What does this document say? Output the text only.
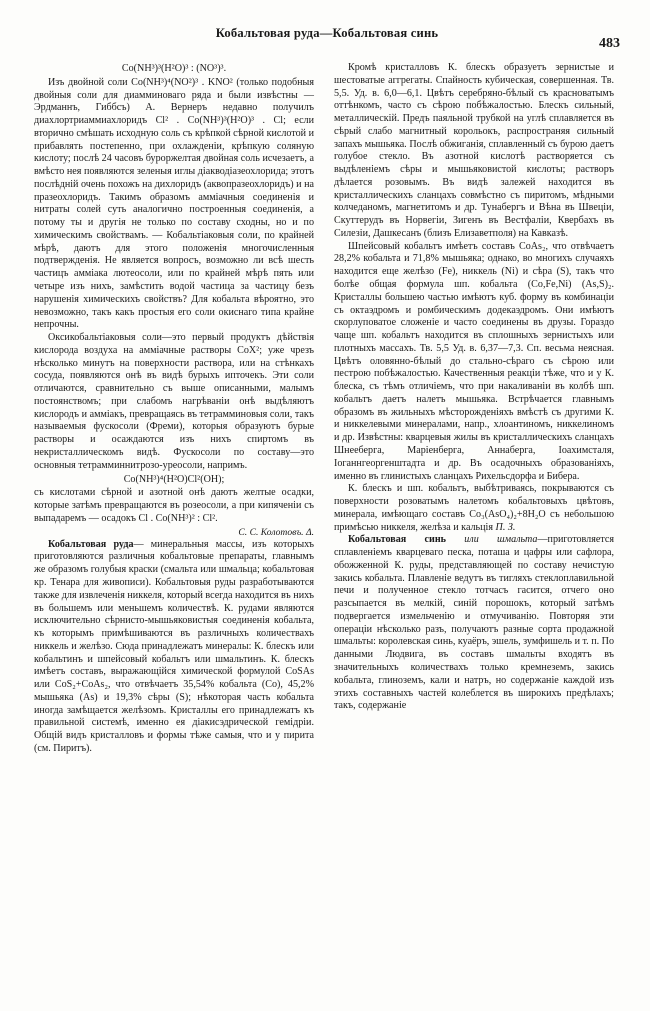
Кобальтовая руда—Кобальтовая синь
483

Co(NH³)³(H²O)³ : (NO³)³.

Изъ двойной соли Co(NH³)⁴(NO²)³ . KNO² (только подобныя двойныя соли для диамминоваго ряда и были извѣстны — Эрдманнъ, Гиббсъ) А. Вернеръ недавно получилъ диахлортриаммиахлоридъ Cl² . Co(NH³)³(H²O)³ . Cl; если вторично смѣшать исходную соль съ крѣпкой сѣрной кислотой и прибавлять постепенно, при охлажденіи, крѣпкую соляную кислоту; послѣ 24 часовъ буроржелтая двойная соль исчезаетъ, а вмѣсто нея появляются зеленыя иглы діакводіазеохлорида; этотъ послѣдній очень похожъ на дихлоридъ (аквопразеохлоридъ) и на празеохлоридъ. Такимъ образомъ амміачныя соединенія и нитраты солей суть аналогично построенныя соединенія, а потому ты и другія не только по составу сходны, но и по химическимъ свойствамъ. — Кобальтіаковыя соли, по крайней мѣрѣ, даютъ для этого положенія многочисленныя подтвержденія. Не является вопросъ, возможно ли всѣ шесть частицъ амміака лютеосоли, или по крайней мѣрѣ пять или четыре изъ нихъ, замѣстить водой частица за частицу безъ нарушенія химическихъ свойствъ? Для кобальта вѣроятно, это невозможно, такъ какъ простыя его соли окиснаго типа крайне непрочны.

Оксикобальтіаковыя соли—это первый продуктъ дѣйствія кислорода воздуха на амміачные растворы CoX²; уже чрезъ нѣсколько минутъ на поверхности раствора, или на стѣнкахъ сосуда, появляются онѣ въ видѣ бурыхъ ипточекъ. Эти соли отличаются, сравнительно съ выше описанными, малымъ постоянствомъ; при слабомъ нагрѣваніи онѣ выдѣляютъ кислородъ и амміакъ, превращаясь въ тетрамминовыя соли, такъ называемыя фускосоли (Фреми), которыя образуютъ бурые растворы и осаждаются изъ нихъ спиртомъ въ некристаллическомъ видѣ. Фускосоли по составу—это основныя тетрамминнитрозо-уреосоли, напримъ.

Co(NH³)⁴(H²O)Cl²(OH);

съ кислотами сѣрной и азотной онѣ даютъ желтые осадки, которые затѣмъ превращаются въ розеосоли, а при кипяченіи съ выпадаремъ — осадокъ Cl . Co(NH³)² : Cl².

С. С. Колотовъ. Δ.

Кобальтовая руда— минеральныя массы, изъ которыхъ приготовляются различныя кобальтовые препараты, главнымъ же образомъ голубыя краски (смальта или шмальца; кобальтовая кр. Тенара для живописи). Кобальтовыя руды разработываются также для извлеченія никкеля, который всегда находится въ нихъ въ большемъ или меньшемъ количествѣ. К. рудами являются исключительно сѣрнисто-мышьяковистыя соединенія кобальта, къ которымъ примѣшиваются въ различныхъ количествахъ никкель и желѣзо. Сюда принадлежатъ минералы: К. блескъ или кобальтинъ и шпейсовый кобальтъ или шмальтинъ. К. блескъ имѣетъ составъ, выражающійся химической формулой CoSAs или CoS₂+CoAs₂, что отвѣчаетъ 35,54% кобальта (Co), 45,2% мышьяка (As) и 19,3% сѣры (S); нѣкоторая часть кобальта иногда замѣщается желѣзомъ. Кристаллы его принадлежатъ къ правильной системѣ, именно ея діакисэдрической гемідріи. Общій видъ кристалловъ и формы тѣже самыя, что и у пирита (см. Пиритъ).

Кромѣ кристалловъ К. блескъ образуетъ зернистые и шестоватые аггрегаты. Спайность кубическая, совершенная. Тв. 5,5. Уд. в. 6,0—6,1. Цвѣтъ серебряно-бѣлый съ красноватымъ оттѣнкомъ, часто съ сѣрою побѣжалостью. Блескъ сильный, металлическій. Предъ паяльной трубкой на углѣ сплавляется въ сѣрый слабо магнитный корольокъ, распространяя сильный запахъ мышьяка. Послѣ обжиганія, сплавленный съ бурою даетъ голубое стекло. Въ азотной кислотѣ растворяется съ выдѣленіемъ сѣры и мышьяковистой кислоты; растворъ дѣлается розовымъ. Въ видѣ залежей находится въ кристаллическихъ сланцахъ совмѣстно съ пиритомъ, мѣдными колчеданомъ, магнетитомъ и др. Тунабергъ и Вѣна въ Швеціи, Скуттерудъ въ Норвегіи, Зигенъ въ Вестфаліи, Квербахъ въ Силезіи, Дашкесанъ (близъ Елизаветполя) на Кавказѣ.

Шпейсовый кобальтъ имѣетъ составъ CoAs₂, что отвѣчаетъ 28,2% кобальта и 71,8% мышьяка; однако, во многихъ случаяхъ находится еще желѣзо (Fe), никкель (Ni) и сѣра (S), такъ что болѣе общая формула шп. кобальта (Co,Fe,Ni) (As,S)₂. Кристаллы большею частью имѣютъ куб. форму въ комбинаціи съ октаэдромъ и ромбическимъ додекаэдромъ. Они имѣютъ скорлуповатое сложеніе и часто соединены въ друзы. Гораздо чаще шп. кобальтъ находится въ сплошныхъ зернистыхъ или плотныхъ массахъ. Тв. 5,5 Уд. в. 6,37—7,3. Сп. весьма неясная. Цвѣтъ оловянно-бѣлый до стально-сѣраго съ сѣрою или пестрою побѣжалостью. Качественныя реакціи тѣже, что и у К. блеска, съ тѣмъ отличіемъ, что при накаливаніи въ колбѣ шп. кобальтъ даетъ налетъ мышьяка. Встрѣчается главнымъ образомъ въ жильныхъ мѣсторожденіяхъ вмѣстѣ съ другими К. и никкелевыми минералами, напр., хлоантиномъ, никкелиномъ и др. Извѣстны: кварцевыя жилы въ кристаллическихъ сланцахъ Шнееберга, Маріенберга, Аннаберга, Іоахимсталя, Іоганнгеоргенштадта и др. Въ осадочныхъ образованіяхъ, именно въ глинистыхъ сланцахъ Рихельсдорфа и Бибера.

К. блескъ и шп. кобальтъ, выбѣтриваясь, покрываются съ поверхности розоватымъ налетомъ кобальтовыхъ цвѣтовъ, минерала, имѣющаго составъ Co₃(AsO₄)₂+8H₂O съ небольшою примѣсью никкеля, желѣза и кальція П. З.

Кобальтовая синь или шмальта—приготовляется сплавленіемъ кварцеваго песка, поташа и цафры или сафлора, обожженной К. руды, представляющей по составу нечистую закись кобальта. Плавленіе ведутъ въ тигляхъ стеклоплавильной печи и полученное стекло тотчасъ гасится, отчего оно разсыпается въ мелкій, синій порошокъ, который затѣмъ подвергается измельченію и отмучиванію. Повторяя эти операціи нѣсколько разъ, получаютъ разные сорта продажной шмальты: королевская синь, куаёръ, эшель, зумфишель и т. п. По данными Людвига, въ составъ шмальты входятъ въ значительныхъ количествахъ только кремнеземъ, закись кобальта, глиноземъ, кали и натръ, но содержаніе каждой изъ этихъ составныхъ частей колеблется въ широкихъ предѣлахъ; такъ, содержаніе
